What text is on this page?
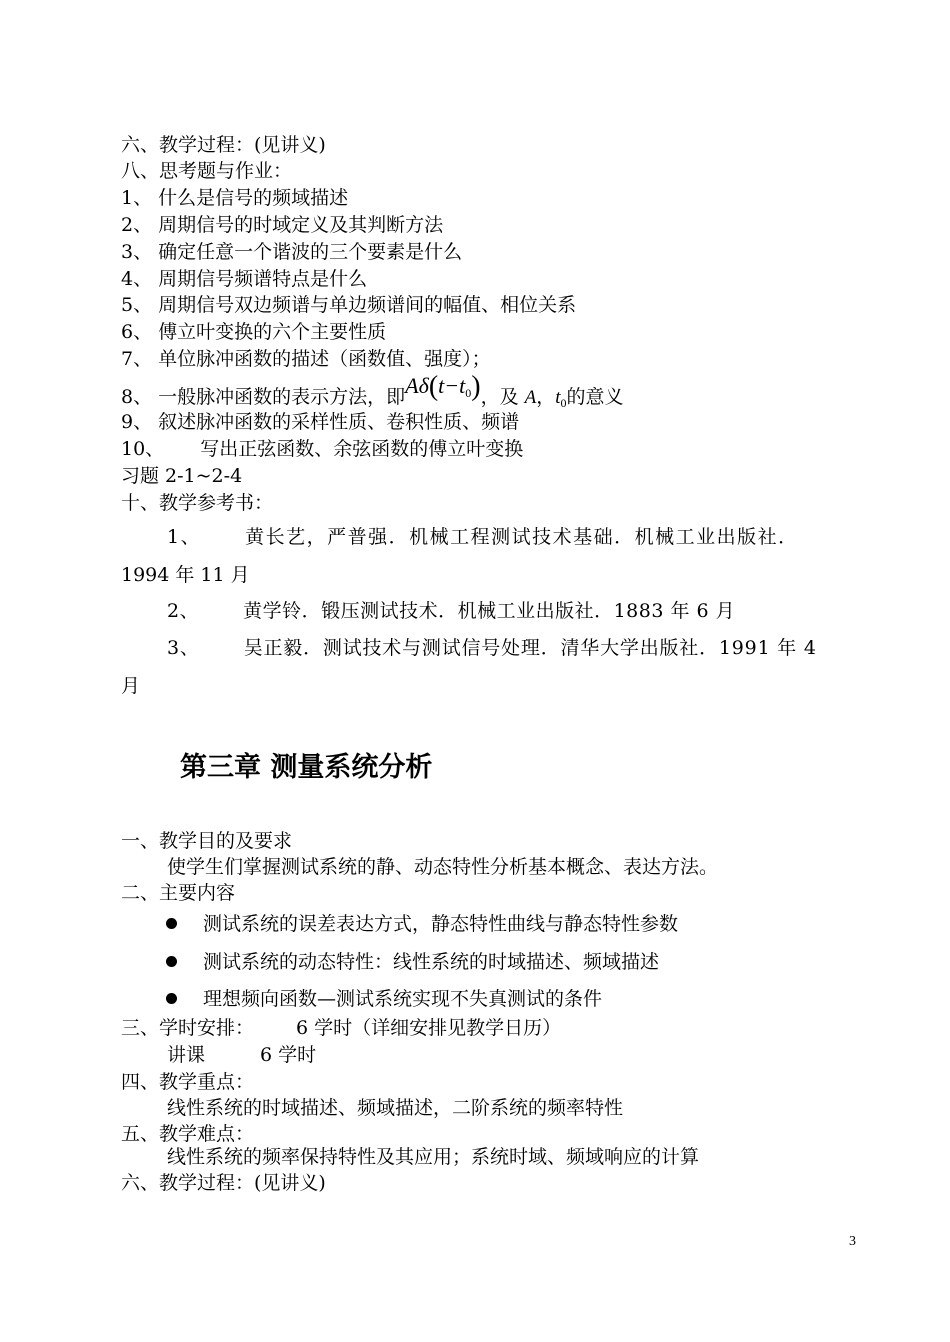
六、教学过程：(见讲义)
八、思考题与作业：
1、 什么是信号的频域描述
2、 周期信号的时域定义及其判断方法
3、 确定任意一个谐波的三个要素是什么
4、 周期信号频谱特点是什么
5、 周期信号双边频谱与单边频谱间的幅值、相位关系
6、 傅立叶变换的六个主要性质
7、 单位脉冲函数的描述（函数值、强度）；
8、 一般脉冲函数的表示方法，即$A\delta(t-t_0)$，及 A，$t_0$的意义
9、 叙述脉冲函数的采样性质、卷积性质、频谱
10、 写出正弦函数、余弦函数的傅立叶变换
习题 2-1~2-4
十、教学参考书：
1、 黄长艺，严普强．机械工程测试技术基础．机械工业出版社．
1994 年 11 月
2、 黄学铃．锻压测试技术．机械工业出版社．1883 年 6 月
3、 吴正毅．测试技术与测试信号处理．清华大学出版社．1991 年 4
月
第三章 测量系统分析
一、教学目的及要求
使学生们掌握测试系统的静、动态特性分析基本概念、表达方法。
二、主要内容
测试系统的误差表达方式，静态特性曲线与静态特性参数
测试系统的动态特性：线性系统的时域描述、频域描述
理想频向函数—测试系统实现不失真测试的条件
三、学时安排： 6 学时（详细安排见教学日历）
讲课	6 学时
四、教学重点：
线性系统的时域描述、频域描述，二阶系统的频率特性
五、教学难点：
线性系统的频率保持特性及其应用；系统时域、频域响应的计算
六、教学过程：(见讲义)
3
